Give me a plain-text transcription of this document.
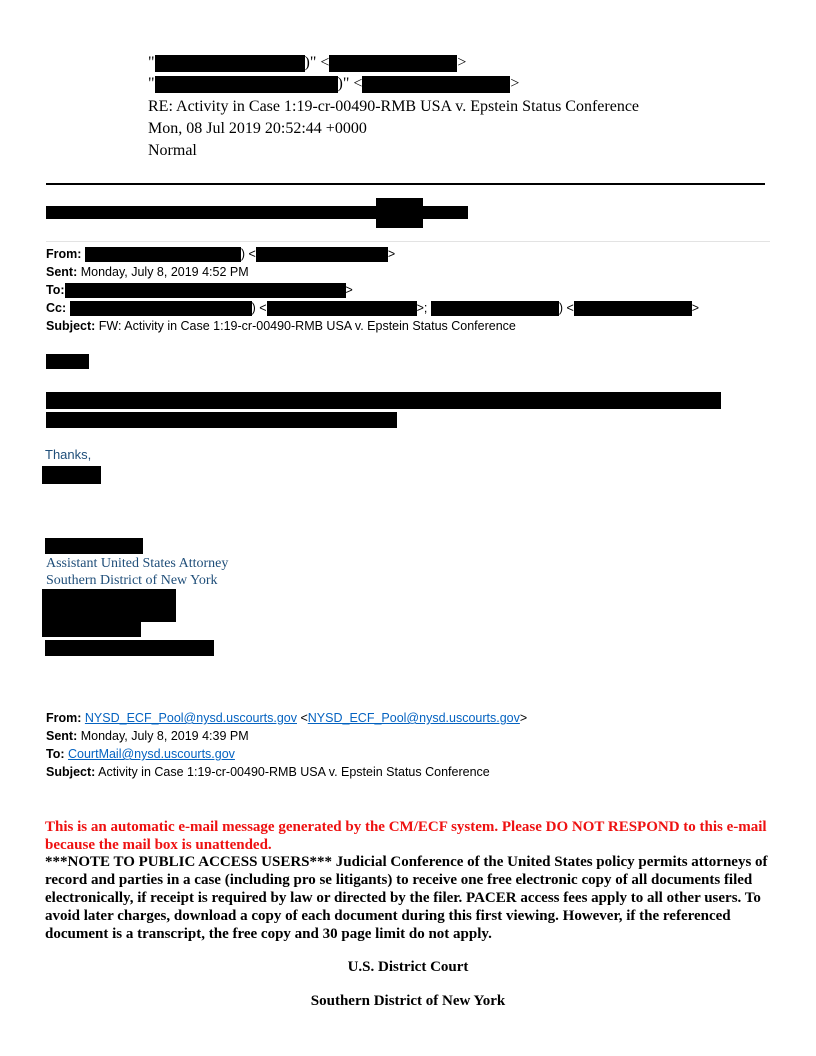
"	)" <	>
"	)" <	>
RE: Activity in Case 1:19-cr-00490-RMB USA v. Epstein Status Conference
Mon, 08 Jul 2019 20:52:44 +0000
Normal
From:	) <	>
Sent: Monday, July 8, 2019 4:52 PM
To:	>
Cc:	) <	>;	) <	>
Subject: FW: Activity in Case 1:19-cr-00490-RMB USA v. Epstein Status Conference
Thanks,
Assistant United States Attorney
Southern District of New York
From: NYSD_ECF_Pool@nysd.uscourts.gov <NYSD_ECF_Pool@nysd.uscourts.gov>
Sent: Monday, July 8, 2019 4:39 PM
To: CourtMail@nysd.uscourts.gov
Subject: Activity in Case 1:19-cr-00490-RMB USA v. Epstein Status Conference
This is an automatic e-mail message generated by the CM/ECF system. Please DO NOT RESPOND to this e-mail because the mail box is unattended.
***NOTE TO PUBLIC ACCESS USERS*** Judicial Conference of the United States policy permits attorneys of record and parties in a case (including pro se litigants) to receive one free electronic copy of all documents filed electronically, if receipt is required by law or directed by the filer. PACER access fees apply to all other users. To avoid later charges, download a copy of each document during this first viewing. However, if the referenced document is a transcript, the free copy and 30 page limit do not apply.
U.S. District Court
Southern District of New York
